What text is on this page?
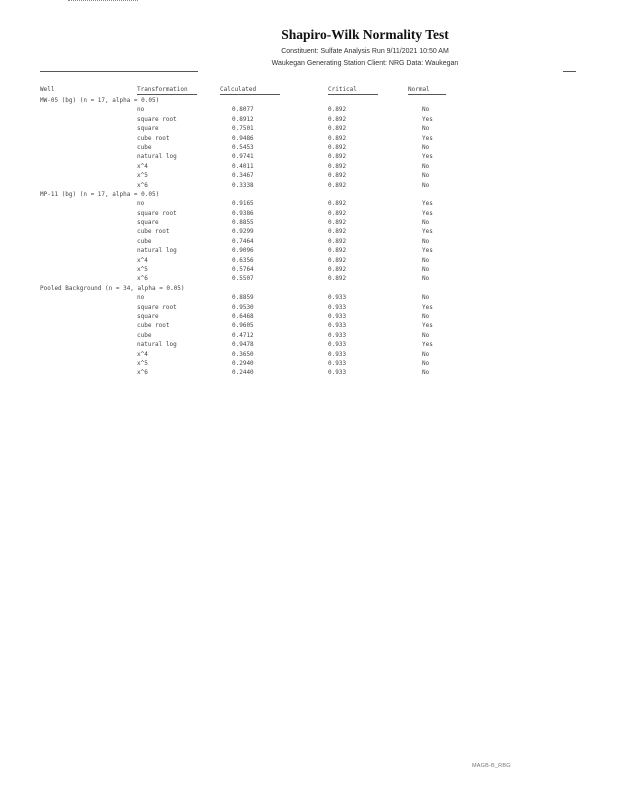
Shapiro-Wilk Normality Test
Constituent: Sulfate Analysis Run 9/11/2021 10:50 AM
Waukegan Generating Station Client: NRG Data: Waukegan
Well	Transformation	Calculated	Critical	Normal
MW-05 (bg) (n = 17, alpha = 0.05)
no	0.8077	0.892	No
square root	0.8912	0.892	Yes
square	0.7501	0.892	No
cube root	0.9486	0.892	Yes
cube	0.5453	0.892	No
natural log	0.9741	0.892	Yes
x^4	0.4011	0.892	No
x^5	0.3467	0.892	No
x^6	0.3338	0.892	No
MP-11 (bg) (n = 17, alpha = 0.05)
no	0.9165	0.892	Yes
square root	0.9386	0.892	Yes
square	0.8855	0.892	No
cube root	0.9299	0.892	Yes
cube	0.7464	0.892	No
natural log	0.9096	0.892	Yes
x^4	0.6356	0.892	No
x^5	0.5764	0.892	No
x^6	0.5507	0.892	No
Pooled Background (n = 34, alpha = 0.05)
no	0.8859	0.933	No
square root	0.9530	0.933	Yes
square	0.6468	0.933	No
cube root	0.9605	0.933	Yes
cube	0.4712	0.933	No
natural log	0.9478	0.933	Yes
x^4	0.3650	0.933	No
x^5	0.2940	0.933	No
x^6	0.2440	0.933	No
MAGB-B_RBG
